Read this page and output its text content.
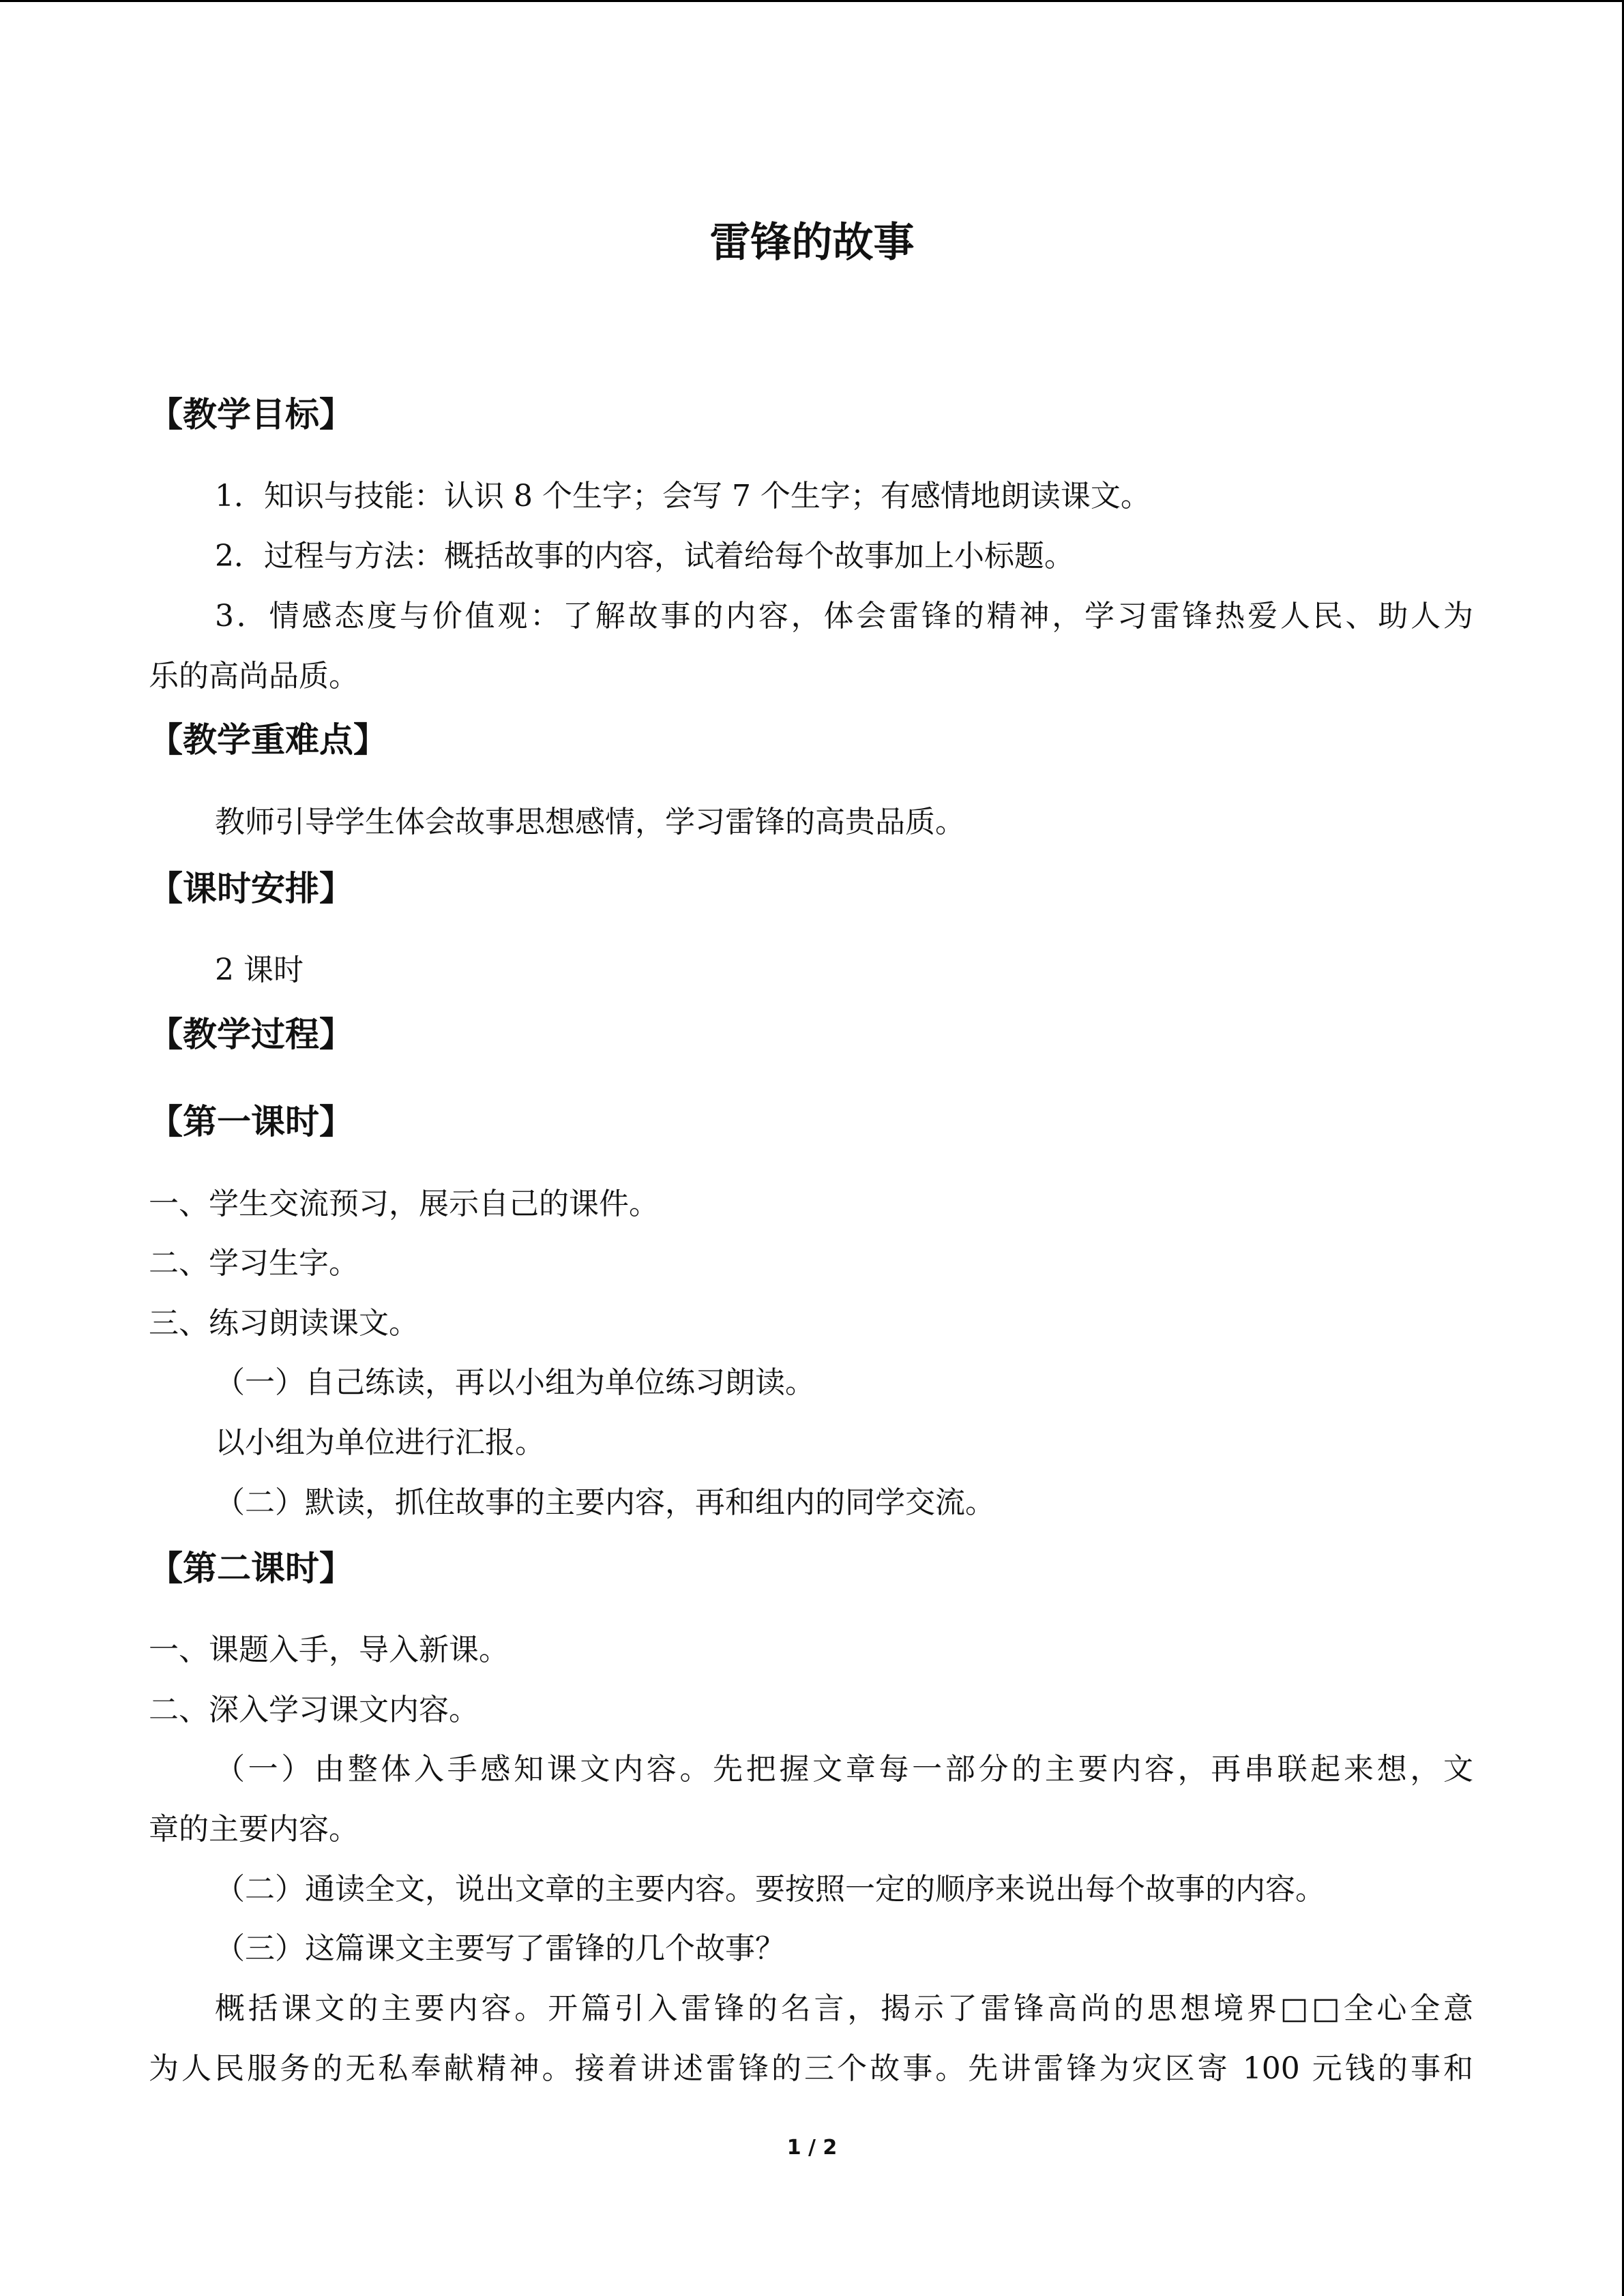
雷锋的故事
【教学目标】

1．知识与技能：认识 8 个生字；会写 7 个生字；有感情地朗读课文。

2．过程与方法：概括故事的内容，试着给每个故事加上小标题。

3．情感态度与价值观：了解故事的内容，体会雷锋的精神，学习雷锋热爱人民、助人为

乐的高尚品质。

【教学重难点】

教师引导学生体会故事思想感情，学习雷锋的高贵品质。

【课时安排】

2 课时

【教学过程】
【第一课时】

一、学生交流预习，展示自己的课件。

二、学习生字。

三、练习朗读课文。

（一）自己练读，再以小组为单位练习朗读。

以小组为单位进行汇报。

（二）默读，抓住故事的主要内容，再和组内的同学交流。

【第二课时】

一、课题入手，导入新课。

二、深入学习课文内容。

（一）由整体入手感知课文内容。先把握文章每一部分的主要内容，再串联起来想，文

章的主要内容。

（二）通读全文，说出文章的主要内容。要按照一定的顺序来说出每个故事的内容。

（三）这篇课文主要写了雷锋的几个故事？

概括课文的主要内容。开篇引入雷锋的名言，揭示了雷锋高尚的思想境界□□全心全意

为人民服务的无私奉献精神。接着讲述雷锋的三个故事。先讲雷锋为灾区寄 100 元钱的事和

1 / 2
